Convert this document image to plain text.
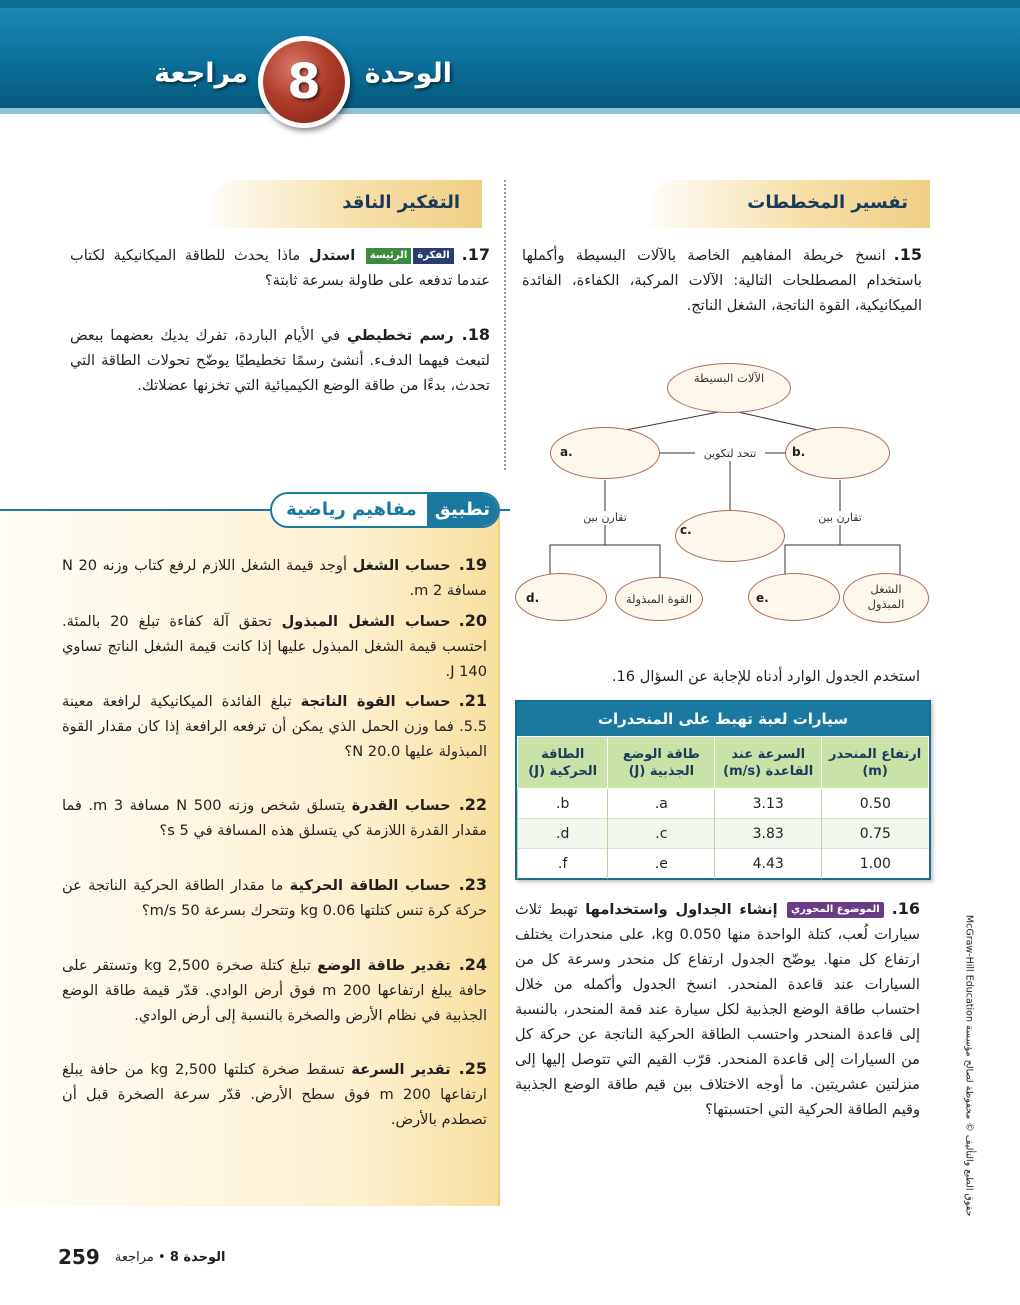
الوحدة
8
مراجعة
تفسير المخططات
التفكير الناقد
15.انسخ خريطة المفاهيم الخاصة بالآلات البسيطة وأكملها باستخدام المصطلحات التالية: الآلات المركبة، الكفاءة، الفائدة الميكانيكية، القوة الناتجة، الشغل الناتج.
الآلات البسيطة
a.	b.
تتحد لتكوين
c.
تقارن بين	تقارن بين
d.	القوة المبذولة	e.
الشغل المبذول
17.الفكرةالرئيسة استدل ماذا يحدث للطاقة الميكانيكية لكتاب عندما تدفعه على طاولة بسرعة ثابتة؟
18.رسم تخطيطي في الأيام الباردة، تفرك يديك بعضهما ببعض لتبعث فيهما الدفء. أنشئ رسمًا تخطيطيًا يوضّح تحولات الطاقة التي تحدث، بدءًا من طاقة الوضع الكيميائية التي تخزنها عضلاتك.
استخدم الجدول الوارد أدناه للإجابة عن السؤال 16.
سيارات لعبة تهبط على المنحدرات
ارتفاع المنحدر (m)	السرعة عند القاعدة (m/s)	طاقة الوضع الجذبية (J)	الطاقة الحركية (J)
0.50	3.13	a.	b.
0.75	3.83	c.	d.
1.00	4.43	e.	f.
16.الموضوع المحوري إنشاء الجداول واستخدامها تهبط ثلاث سيارات لُعب، كتلة الواحدة منها 0.050 kg، على منحدرات يختلف ارتفاع كل منها. يوضّح الجدول ارتفاع كل منحدر وسرعة كل من السيارات عند قاعدة المنحدر. انسخ الجدول وأكمله من خلال احتساب طاقة الوضع الجذبية لكل سيارة عند قمة المنحدر، بالنسبة إلى قاعدة المنحدر واحتسب الطاقة الحركية الناتجة عن حركة كل من السيارات إلى قاعدة المنحدر. قرّب القيم التي تتوصل إليها إلى منزلتين عشريتين. ما أوجه الاختلاف بين قيم طاقة الوضع الجذبية وقيم الطاقة الحركية التي احتسبتها؟
تطبيق
مفاهيم رياضية
19.حساب الشغل أوجد قيمة الشغل اللازم لرفع كتاب وزنه 20 N مسافة 2 m.
20.حساب الشغل المبذول تحقق آلة كفاءة تبلغ 20 بالمئة. احتسب قيمة الشغل المبذول عليها إذا كانت قيمة الشغل الناتج تساوي 140 J.
21.حساب القوة الناتجة تبلغ الفائدة الميكانيكية لرافعة معينة 5.5. فما وزن الحمل الذي يمكن أن ترفعه الرافعة إذا كان مقدار القوة المبذولة عليها 20.0 N؟
22.حساب القدرة يتسلق شخص وزنه 500 N مسافة 3 m. فما مقدار القدرة اللازمة كي يتسلق هذه المسافة في 5 s؟
23.حساب الطاقة الحركية ما مقدار الطاقة الحركية الناتجة عن حركة كرة تنس كتلتها 0.06 kg وتتحرك بسرعة 50 m/s؟
24.تقدير طاقة الوضع تبلغ كتلة صخرة 2,500 kg وتستقر على حافة يبلغ ارتفاعها 200 m فوق أرض الوادي. قدّر قيمة طاقة الوضع الجذبية في نظام الأرض والصخرة بالنسبة إلى أرض الوادي.
25.تقدير السرعة تسقط صخرة كتلتها 2,500 kg من حافة يبلغ ارتفاعها 200 m فوق سطح الأرض. قدّر سرعة الصخرة قبل أن تصطدم بالأرض.
حقوق الطبع والتأليف © محفوظة لصالح مؤسسة McGraw-Hill Education
259	الوحدة 8 • مراجعة
